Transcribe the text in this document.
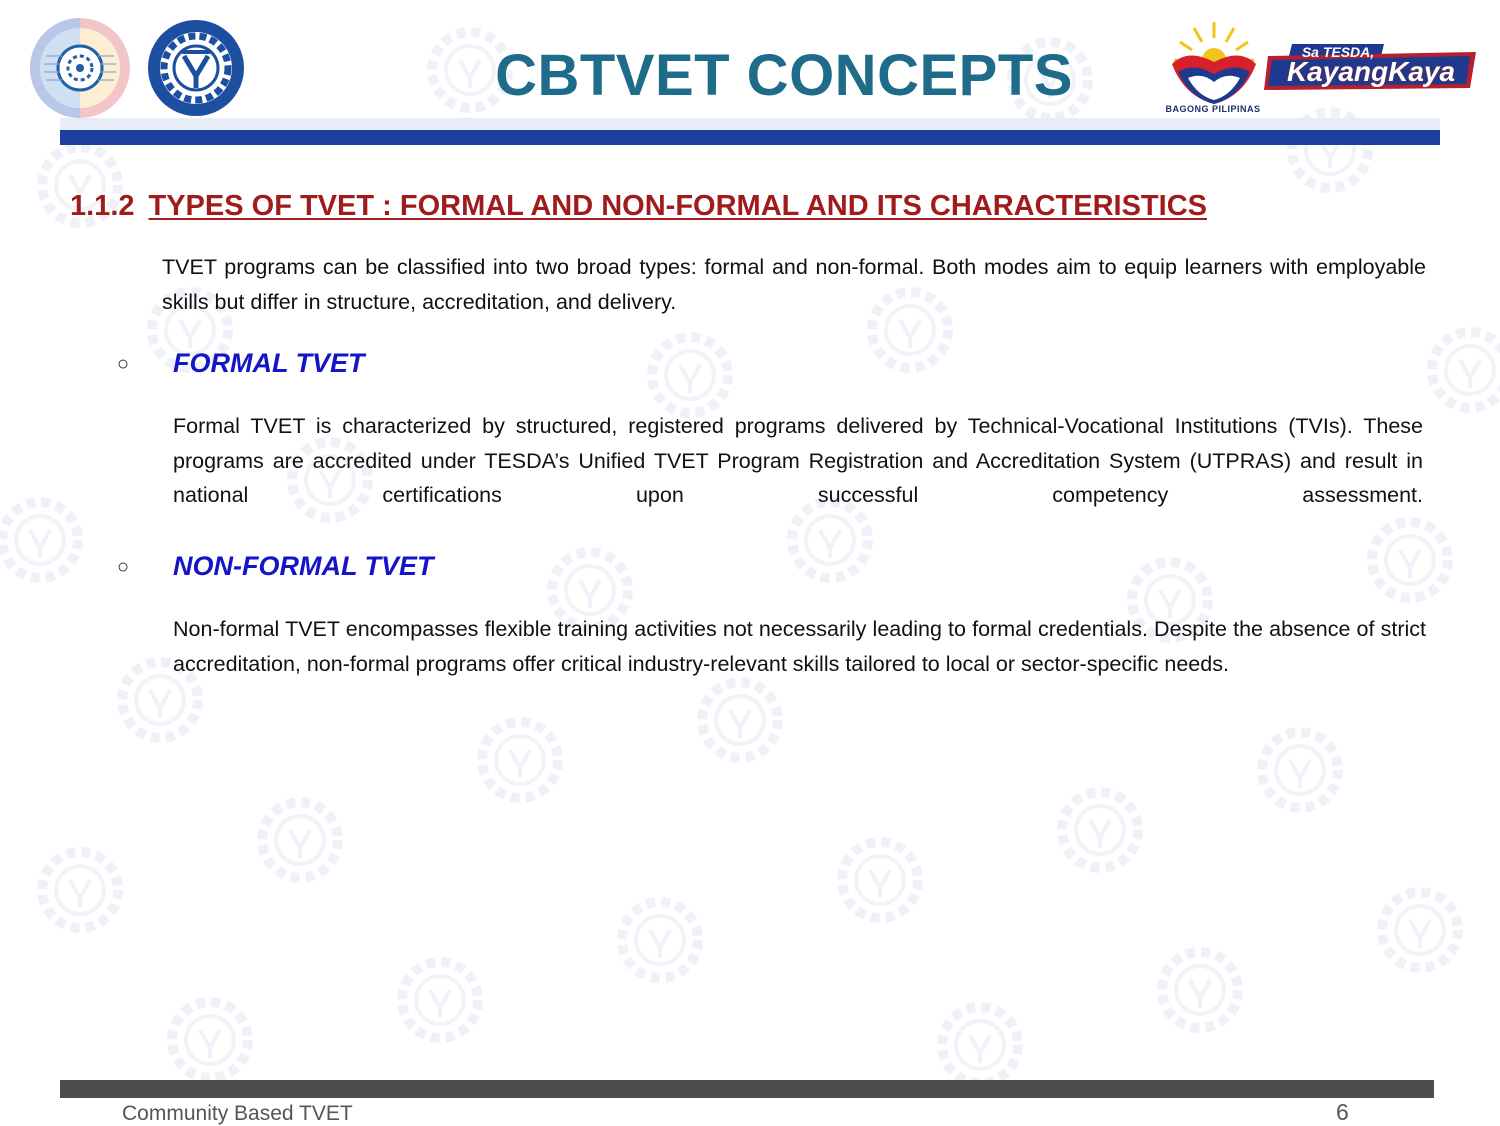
CBTVET CONCEPTS
BAGONG PILIPINAS
Sa TESDA,
KayangKaya
1.1.2 TYPES OF TVET : FORMAL AND NON-FORMAL AND ITS CHARACTERISTICS
TVET programs can be classified into two broad types: formal and non-formal. Both modes aim to equip learners with employable skills but differ in structure, accreditation, and delivery.
○ FORMAL TVET
Formal TVET is characterized by structured, registered programs delivered by Technical-Vocational Institutions (TVIs). These programs are accredited under TESDA’s Unified TVET Program Registration and Accreditation System (UTPRAS) and result in national certifications upon successful competency assessment.
○ NON-FORMAL TVET
Non-formal TVET encompasses flexible training activities not necessarily leading to formal credentials. Despite the absence of strict accreditation, non-formal programs offer critical industry-relevant skills tailored to local or sector-specific needs.
Community Based TVET	6
